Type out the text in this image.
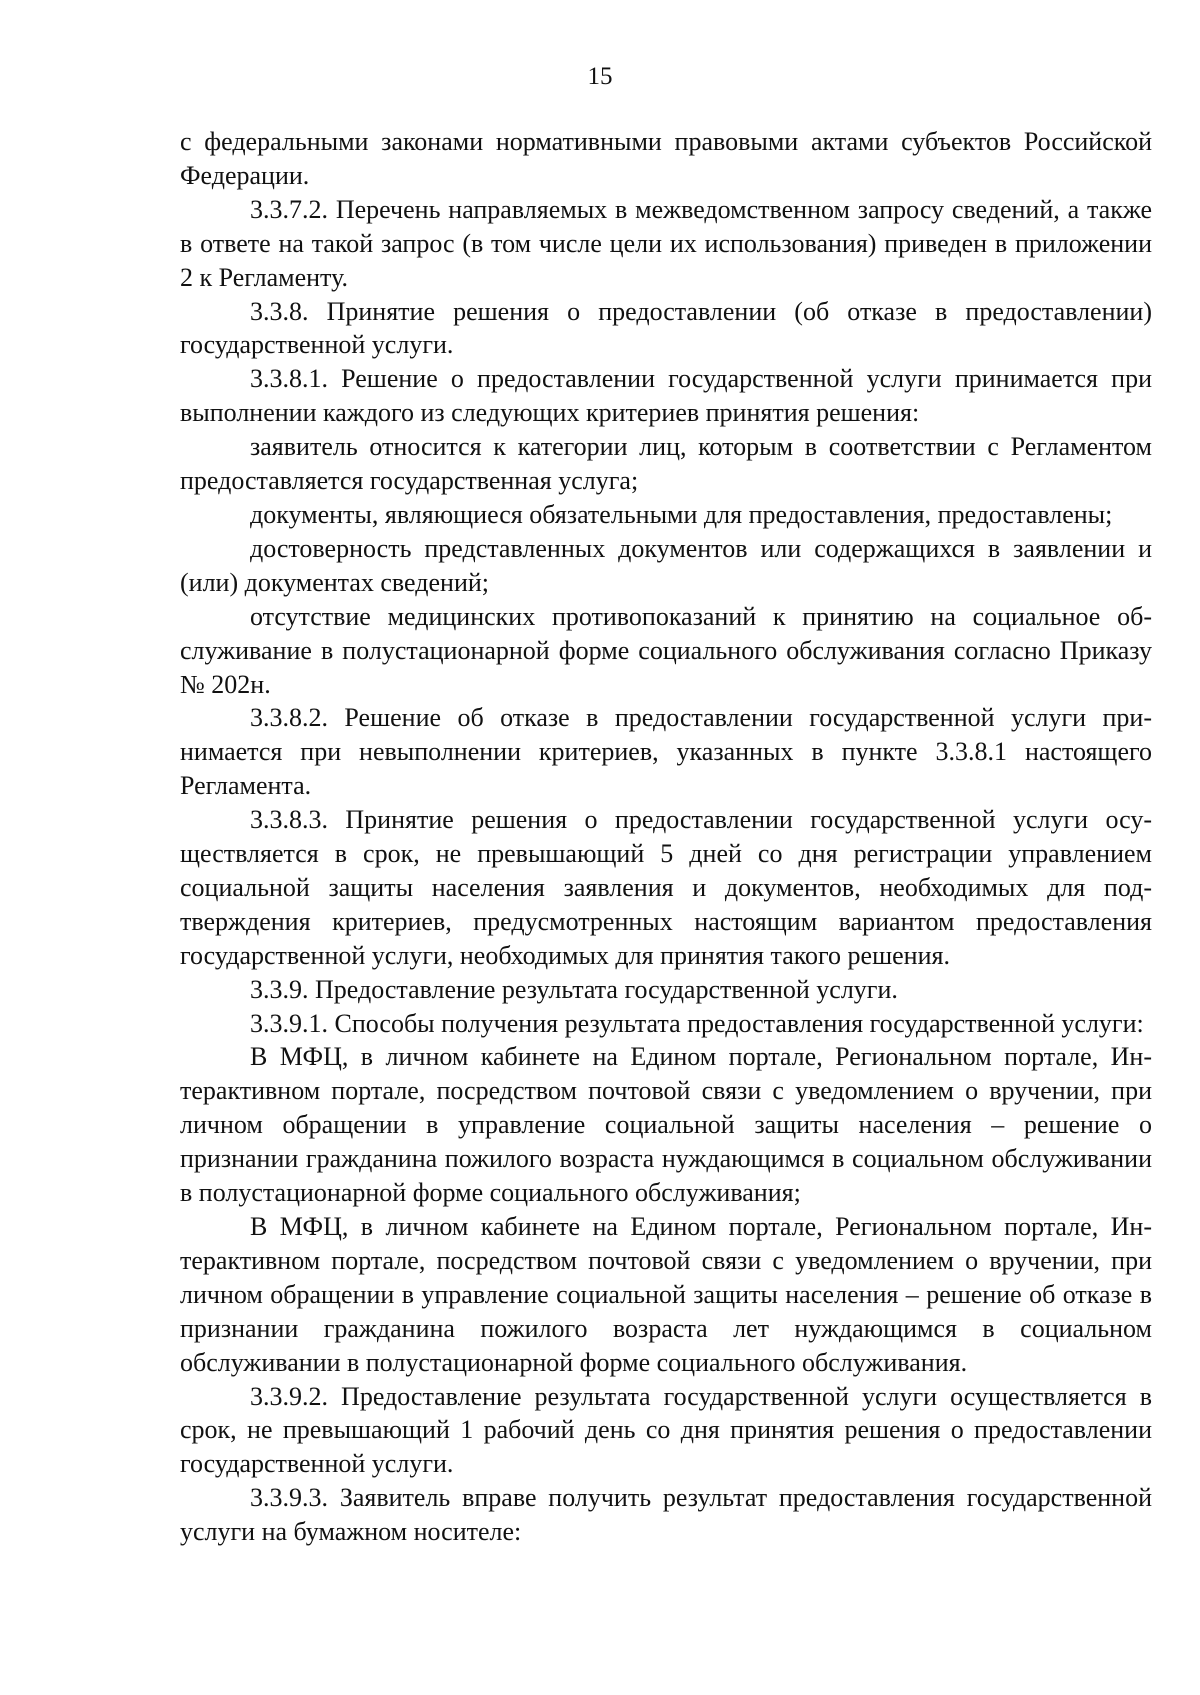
15

с федеральными законами нормативными правовыми актами субъектов Российской Федерации.

3.3.7.2. Перечень направляемых в межведомственном запросу сведений, а также в ответе на такой запрос (в том числе цели их использования) приведен в приложении 2 к Регламенту.

3.3.8. Принятие решения о предоставлении (об отказе в предоставлении) государственной услуги.

3.3.8.1. Решение о предоставлении государственной услуги принимается при выполнении каждого из следующих критериев принятия решения:

заявитель относится к категории лиц, которым в соответствии с Регламентом предоставляется государственная услуга;

документы, являющиеся обязательными для предоставления, предоставлены;

достоверность представленных документов или содержащихся в заявлении и (или) документах сведений;

отсутствие медицинских противопоказаний к принятию на социальное обслуживание в полустационарной форме социального обслуживания согласно Приказу № 202н.

3.3.8.2. Решение об отказе в предоставлении государственной услуги принимается при невыполнении критериев, указанных в пункте 3.3.8.1 настоящего Регламента.

3.3.8.3. Принятие решения о предоставлении государственной услуги осуществляется в срок, не превышающий 5 дней со дня регистрации управлением социальной защиты населения заявления и документов, необходимых для подтверждения критериев, предусмотренных настоящим вариантом предоставления государственной услуги, необходимых для принятия такого решения.

3.3.9. Предоставление результата государственной услуги.

3.3.9.1. Способы получения результата предоставления государственной услуги:

В МФЦ, в личном кабинете на Едином портале, Региональном портале, Интерактивном портале, посредством почтовой связи с уведомлением о вручении, при личном обращении в управление социальной защиты населения – решение о признании гражданина пожилого возраста нуждающимся в социальном обслуживании в полустационарной форме социального обслуживания;

В МФЦ, в личном кабинете на Едином портале, Региональном портале, Интерактивном портале, посредством почтовой связи с уведомлением о вручении, при личном обращении в управление социальной защиты населения – решение об отказе в признании гражданина пожилого возраста лет нуждающимся в социальном обслуживании в полустационарной форме социального обслуживания.

3.3.9.2. Предоставление результата государственной услуги осуществляется в срок, не превышающий 1 рабочий день со дня принятия решения о предоставлении государственной услуги.

3.3.9.3. Заявитель вправе получить результат предоставления государственной услуги на бумажном носителе:
